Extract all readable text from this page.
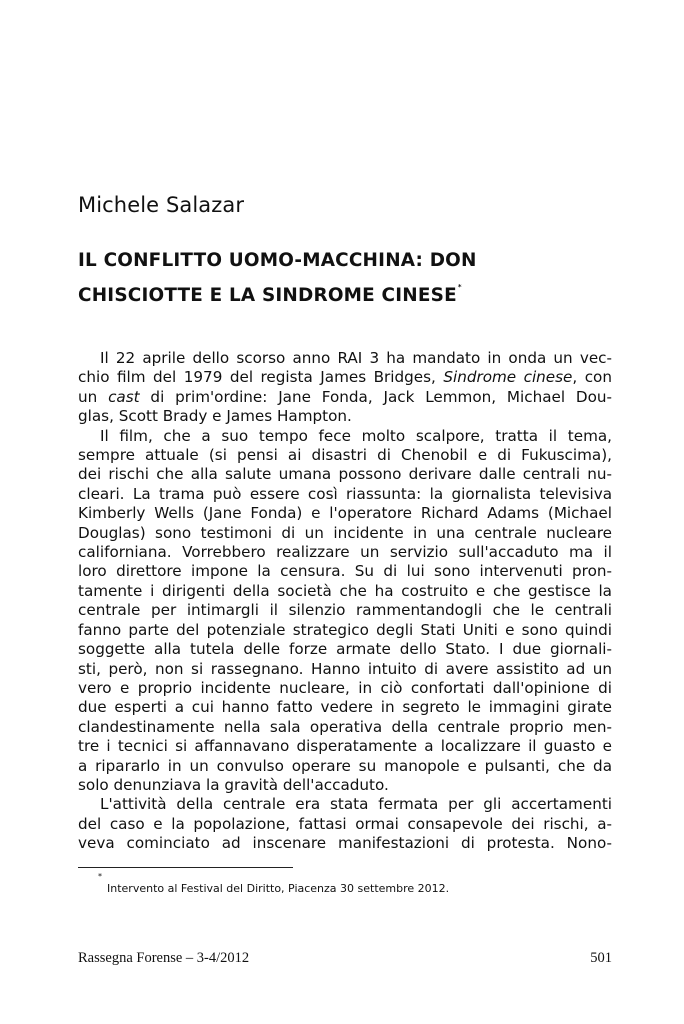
Michele Salazar
IL CONFLITTO UOMO-MACCHINA: DON
CHISCIOTTE E LA SINDROME CINESE*

Il 22 aprile dello scorso anno RAI 3 ha mandato in onda un vec-

chio film del 1979 del regista James Bridges, Sindrome cinese, con

un cast di prim'ordine: Jane Fonda, Jack Lemmon, Michael Dou-

glas, Scott Brady e James Hampton.

Il film, che a suo tempo fece molto scalpore, tratta il tema,

sempre attuale (si pensi ai disastri di Chenobil e di Fukuscima),

dei rischi che alla salute umana possono derivare dalle centrali nu-

cleari. La trama può essere così riassunta: la giornalista televisiva

Kimberly Wells (Jane Fonda) e l'operatore Richard Adams (Michael

Douglas) sono testimoni di un incidente in una centrale nucleare

californiana. Vorrebbero realizzare un servizio sull'accaduto ma il

loro direttore impone la censura. Su di lui sono intervenuti pron-

tamente i dirigenti della società che ha costruito e che gestisce la

centrale per intimargli il silenzio rammentandogli che le centrali

fanno parte del potenziale strategico degli Stati Uniti e sono quindi

soggette alla tutela delle forze armate dello Stato. I due giornali-

sti, però, non si rassegnano. Hanno intuito di avere assistito ad un

vero e proprio incidente nucleare, in ciò confortati dall'opinione di

due esperti a cui hanno fatto vedere in segreto le immagini girate

clandestinamente nella sala operativa della centrale proprio men-

tre i tecnici si affannavano disperatamente a localizzare il guasto e

a ripararlo in un convulso operare su manopole e pulsanti, che da

solo denunziava la gravità dell'accaduto.

L'attività della centrale era stata fermata per gli accertamenti

del caso e la popolazione, fattasi ormai consapevole dei rischi, a-

veva cominciato ad inscenare manifestazioni di protesta. Nono-

*
Intervento al Festival del Diritto, Piacenza 30 settembre 2012.
Rassegna Forense – 3-4/2012	501
